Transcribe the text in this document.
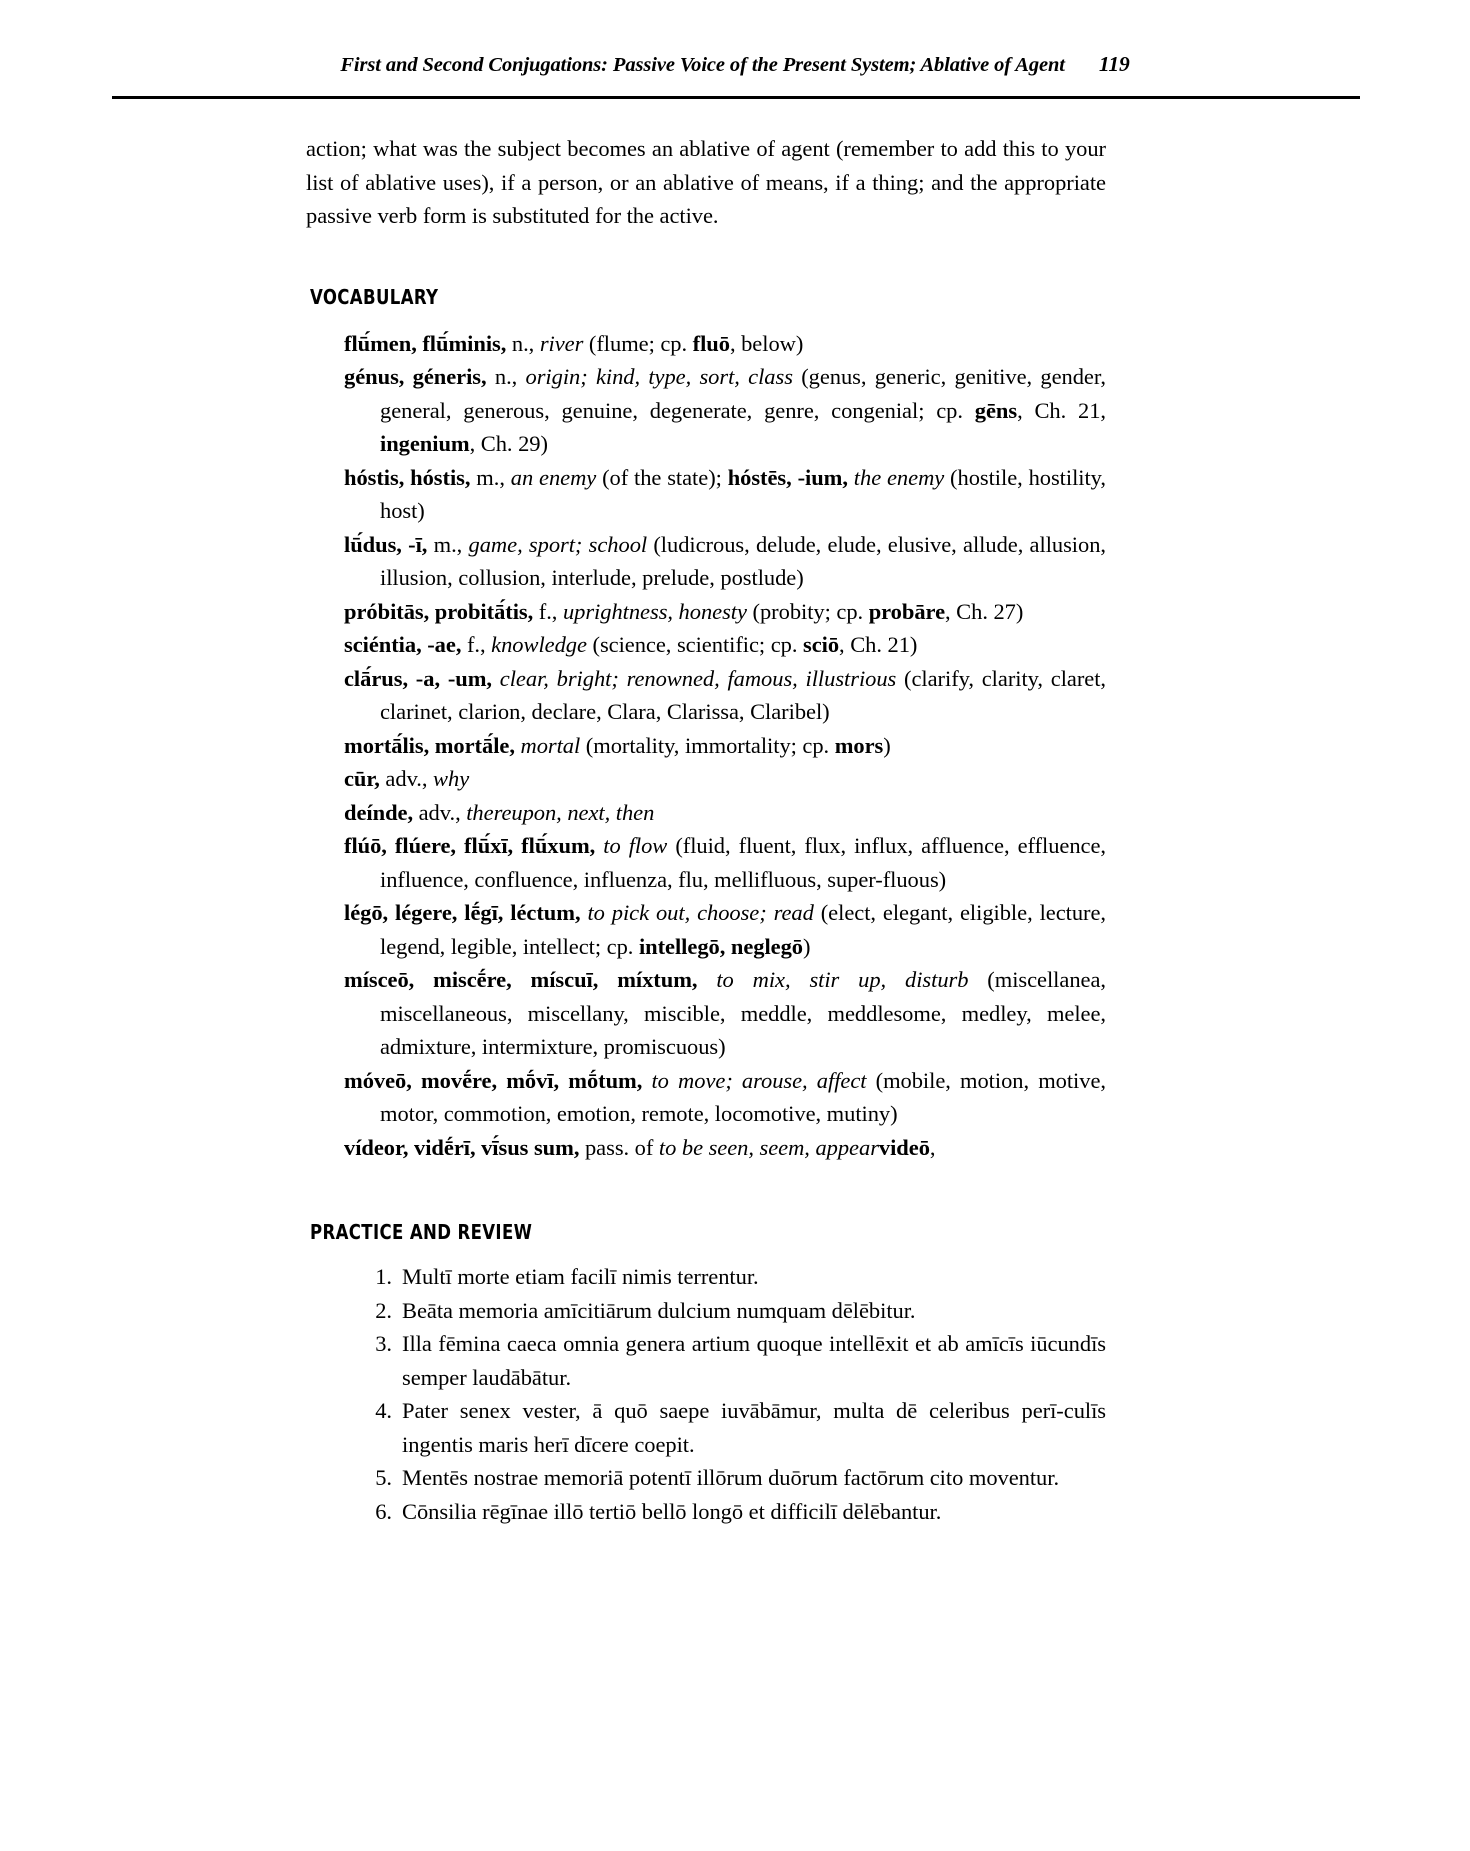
First and Second Conjugations: Passive Voice of the Present System; Ablative of Agent 119

action; what was the subject becomes an ablative of agent (remember to add this to your list of ablative uses), if a person, or an ablative of means, if a thing; and the appropriate passive verb form is substituted for the active.

VOCABULARY
flū́men, flū́minis, n., river (flume; cp. fluō, below)
génus, géneris, n., origin; kind, type, sort, class (genus, generic, genitive, gender, general, generous, genuine, degenerate, genre, congenial; cp. gēns, Ch. 21, ingenium, Ch. 29)
hóstis, hóstis, m., an enemy (of the state); hóstēs, -ium, the enemy (hostile, hostility, host)
lū́dus, -ī, m., game, sport; school (ludicrous, delude, elude, elusive, allude, allusion, illusion, collusion, interlude, prelude, postlude)
próbitās, probitā́tis, f., uprightness, honesty (probity; cp. probāre, Ch. 27)
sciéntia, -ae, f., knowledge (science, scientific; cp. sciō, Ch. 21)
clā́rus, -a, -um, clear, bright; renowned, famous, illustrious (clarify, clarity, claret, clarinet, clarion, declare, Clara, Clarissa, Claribel)
mortā́lis, mortā́le, mortal (mortality, immortality; cp. mors)
cūr, adv., why
deínde, adv., thereupon, next, then
flúō, flúere, flū́xī, flū́xum, to flow (fluid, fluent, flux, influx, affluence, effluence, influence, confluence, influenza, flu, mellifluous, super-fluous)
légō, légere, lḗgī, léctum, to pick out, choose; read (elect, elegant, eligible, lecture, legend, legible, intellect; cp. intellegō, neglegō)
mísceō, miscḗre, míscuī, míxtum, to mix, stir up, disturb (miscellanea, miscellaneous, miscellany, miscible, meddle, meddlesome, medley, melee, admixture, intermixture, promiscuous)
móveō, movḗre, mṓvī, mṓtum, to move; arouse, affect (mobile, motion, motive, motor, commotion, emotion, remote, locomotive, mutiny)
vídeor, vidḗrī, vī́sus sum, pass. of to be seen, seem, appearvideō,
PRACTICE AND REVIEW
1. Multī morte etiam facilī nimis terrentur.
2. Beāta memoria amīcitiārum dulcium numquam dēlēbitur.
3. Illa fēmina caeca omnia genera artium quoque intellēxit et ab amīcīs iūcundīs semper laudābātur.
4. Pater senex vester, ā quō saepe iuvābāmur, multa dē celeribus perī-culīs ingentis maris herī dīcere coepit.
5. Mentēs nostrae memoriā potentī illōrum duōrum factōrum cito moventur.
6. Cōnsilia rēgīnae illō tertiō bellō longō et difficilī dēlēbantur.
